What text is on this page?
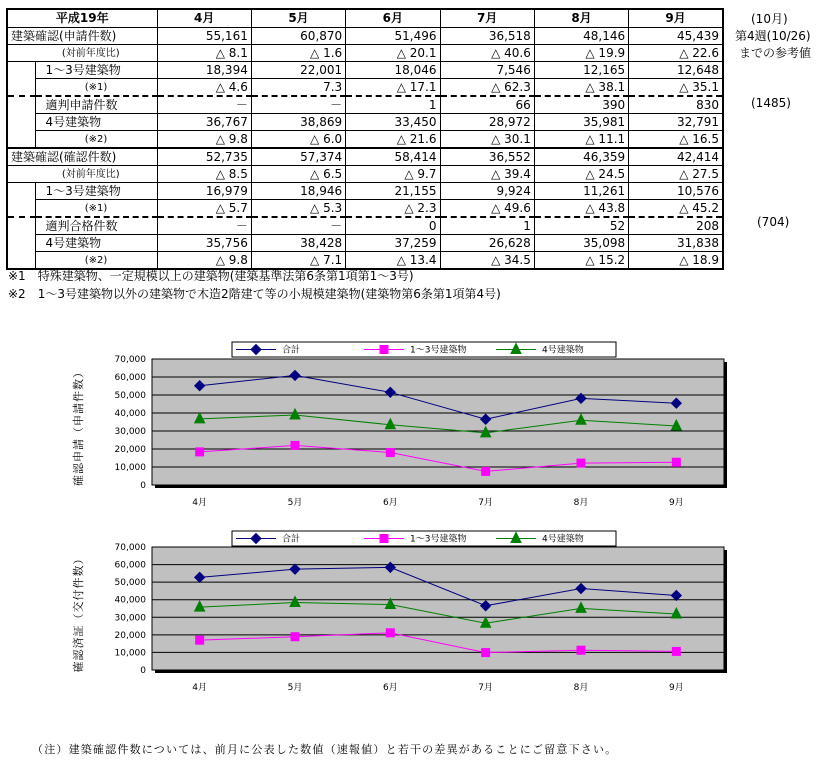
平成19年		4月	5月	6月	7月	8月	9月
建築確認(申請件数)		55,161	60,870	51,496	36,518	48,146	45,439
(対前年度比)		△ 8.1	△ 1.6	△ 20.1	△ 40.6	△ 19.9	△ 22.6
	1～3号建築物	18,394	22,001	18,046	7,546	12,165	12,648
	(※1)	△ 4.6	7.3	△ 17.1	△ 62.3	△ 38.1	△ 35.1
	適判申請件数	－	－	1	66	390	830
	4号建築物	36,767	38,869	33,450	28,972	35,981	32,791
	(※2)	△ 9.8	△ 6.0	△ 21.6	△ 30.1	△ 11.1	△ 16.5
建築確認(確認件数)		52,735	57,374	58,414	36,552	46,359	42,414
(対前年度比)		△ 8.5	△ 6.5	△ 9.7	△ 39.4	△ 24.5	△ 27.5
	1～3号建築物	16,979	18,946	21,155	9,924	11,261	10,576
	(※1)	△ 5.7	△ 5.3	△ 2.3	△ 49.6	△ 43.8	△ 45.2
	適判合格件数	－	－	0	1	52	208
	4号建築物	35,756	38,428	37,259	26,628	35,098	31,838
	(※2)	△ 9.8	△ 7.1	△ 13.4	△ 34.5	△ 15.2	△ 18.9
(10月)
第4週(10/26)
までの参考値
(1485)
(704)
※1　特殊建築物、一定規模以上の建築物(建築基準法第6条第1項第1～3号)
※2　1～3号建築物以外の建築物で木造2階建て等の小規模建築物(建築物第6条第1項第4号)
0
10,000
20,000
30,000
40,000
50,000
60,000
70,000
4月	5月	6月	7月	8月	9月
確認申請（申請件数）
合計	1～3号建築物	4号建築物
0
10,000
20,000
30,000
40,000
50,000
60,000
70,000
4月	5月	6月	7月	8月	9月
確認済証（交付件数）
合計	1～3号建築物	4号建築物
（注）建築確認件数については、前月に公表した数値（速報値）と若干の差異があることにご留意下さい。
